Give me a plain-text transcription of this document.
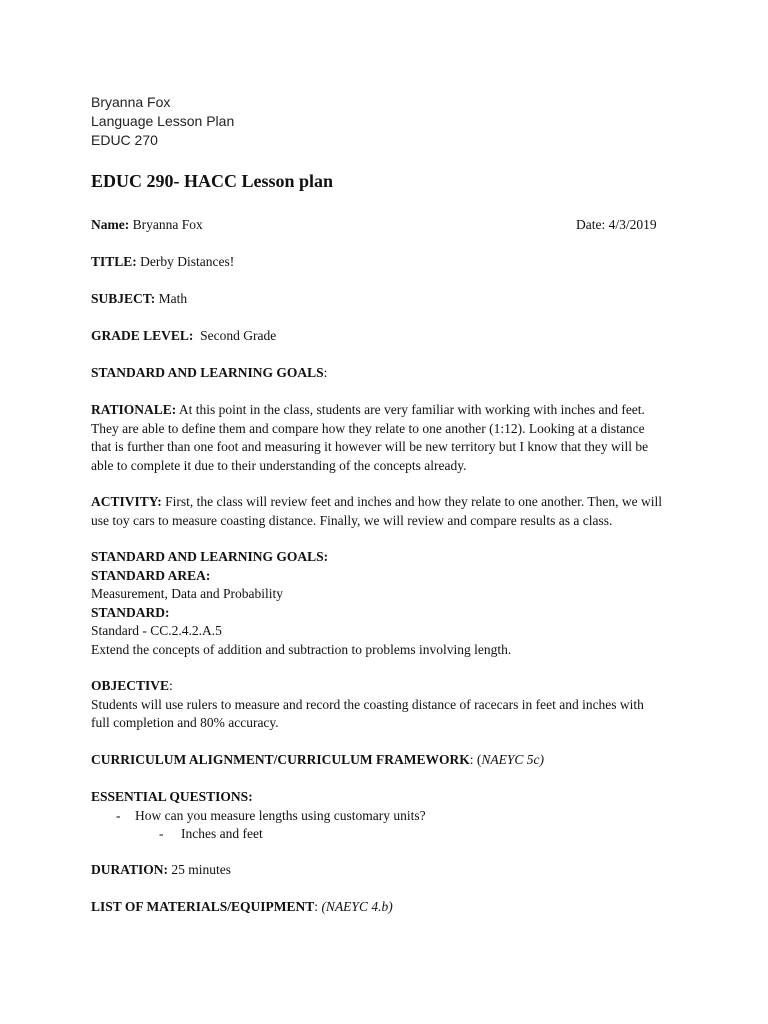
Bryanna Fox
Language Lesson Plan
EDUC 270
EDUC 290- HACC Lesson plan
Name: Bryanna Fox	Date: 4/3/2019
TITLE: Derby Distances!
SUBJECT: Math
GRADE LEVEL: Second Grade
STANDARD AND LEARNING GOALS:
RATIONALE: At this point in the class, students are very familiar with working with inches and feet.
They are able to define them and compare how they relate to one another (1:12). Looking at a distance
that is further than one foot and measuring it however will be new territory but I know that they will be
able to complete it due to their understanding of the concepts already.
ACTIVITY: First, the class will review feet and inches and how they relate to one another. Then, we will
use toy cars to measure coasting distance. Finally, we will review and compare results as a class.
STANDARD AND LEARNING GOALS:
STANDARD AREA:
Measurement, Data and Probability
STANDARD:
Standard - CC.2.4.2.A.5
Extend the concepts of addition and subtraction to problems involving length.
OBJECTIVE:
Students will use rulers to measure and record the coasting distance of racecars in feet and inches with
full completion and 80% accuracy.
CURRICULUM ALIGNMENT/CURRICULUM FRAMEWORK: (NAEYC 5c)
ESSENTIAL QUESTIONS:
- How can you measure lengths using customary units?
- Inches and feet
DURATION: 25 minutes
LIST OF MATERIALS/EQUIPMENT: (NAEYC 4.b)
